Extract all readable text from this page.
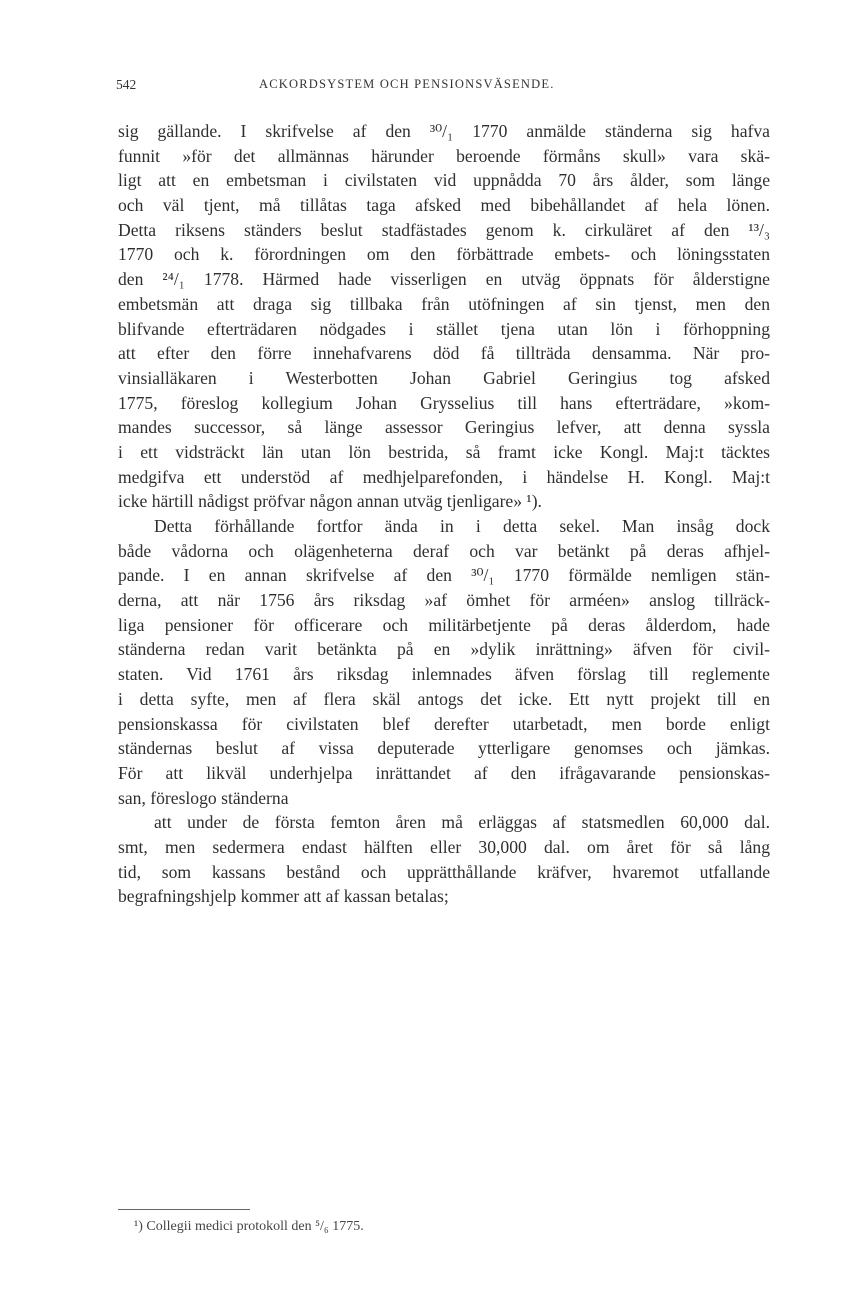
542	ACKORDSYSTEM OCH PENSIONSVÄSENDE.
sig gällande. I skrifvelse af den ³⁰/₁ 1770 anmälde ständerna sig hafva
funnit »för det allmännas härunder beroende förmåns skull» vara skä-
ligt att en embetsman i civilstaten vid uppnådda 70 års ålder, som länge
och väl tjent, må tillåtas taga afsked med bibehållandet af hela lönen.
Detta riksens ständers beslut stadfästades genom k. cirkuläret af den ¹³/₃
1770 och k. förordningen om den förbättrade embets- och löningsstaten
den ²⁴/₁ 1778. Härmed hade visserligen en utväg öppnats för ålderstigne
embetsmän att draga sig tillbaka från utöfningen af sin tjenst, men den
blifvande efterträdaren nödgades i stället tjena utan lön i förhoppning
att efter den förre innehafvarens död få tillträda densamma. När pro-
vinsialläkaren i Westerbotten Johan Gabriel Geringius tog afsked
1775, föreslog kollegium Johan Grysselius till hans efterträdare, »kom-
mandes successor, så länge assessor Geringius lefver, att denna syssla
i ett vidsträckt län utan lön bestrida, så framt icke Kongl. Maj:t täcktes
medgifva ett understöd af medhjelparefonden, i händelse H. Kongl. Maj:t
icke härtill nådigst pröfvar någon annan utväg tjenligare» ¹).
Detta förhållande fortfor ända in i detta sekel. Man insåg dock
både vådorna och olägenheterna deraf och var betänkt på deras afhjel-
pande. I en annan skrifvelse af den ³⁰/₁ 1770 förmälde nemligen stän-
derna, att när 1756 års riksdag »af ömhet för arméen» anslog tillräck-
liga pensioner för officerare och militärbetjente på deras ålderdom, hade
ständerna redan varit betänkta på en »dylik inrättning» äfven för civil-
staten. Vid 1761 års riksdag inlemnades äfven förslag till reglemente
i detta syfte, men af flera skäl antogs det icke. Ett nytt projekt till en
pensionskassa för civilstaten blef derefter utarbetadt, men borde enligt
ständernas beslut af vissa deputerade ytterligare genomses och jämkas.
För att likväl underhjelpa inrättandet af den ifrågavarande pensionskas-
san, föreslogo ständerna
att under de första femton åren må erläggas af statsmedlen 60,000 dal.
smt, men sedermera endast hälften eller 30,000 dal. om året för så lång
tid, som kassans bestånd och upprätthållande kräfver, hvaremot utfallande
begrafningshjelp kommer att af kassan betalas;
¹) Collegii medici protokoll den ⁵/₆ 1775.
